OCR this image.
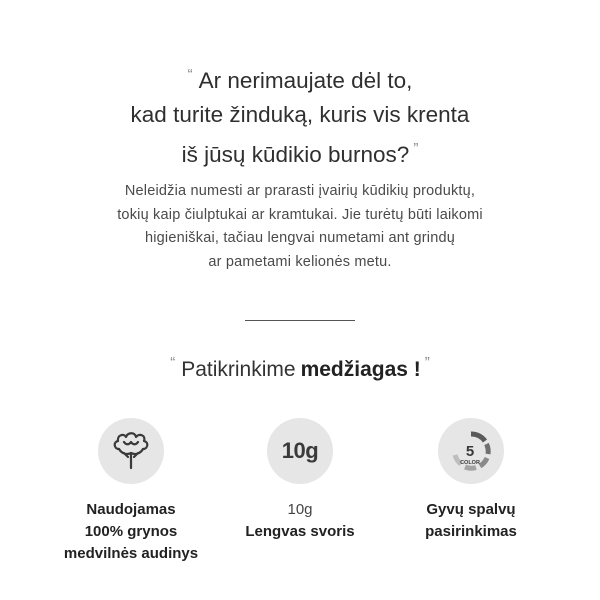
“ Ar nerimaujate dėl to,
kad turite žinduką, kuris vis krenta
iš jūsų kūdikio burnos? ”
Neleidžia numesti ar prarasti įvairių kūdikių produktų,
tokių kaip čiulptukai ar kramtukai. Jie turėtų būti laikomi
higieniškai, tačiau lengvai numetami ant grindų
ar pametami kelionės metu.
“ Patikrinkime medžiagas ! ”
Naudojamas
100% grynos
medvilnės audinys
10g
10g
Lengvas svoris
5
COLOR
Gyvų spalvų
pasirinkimas
